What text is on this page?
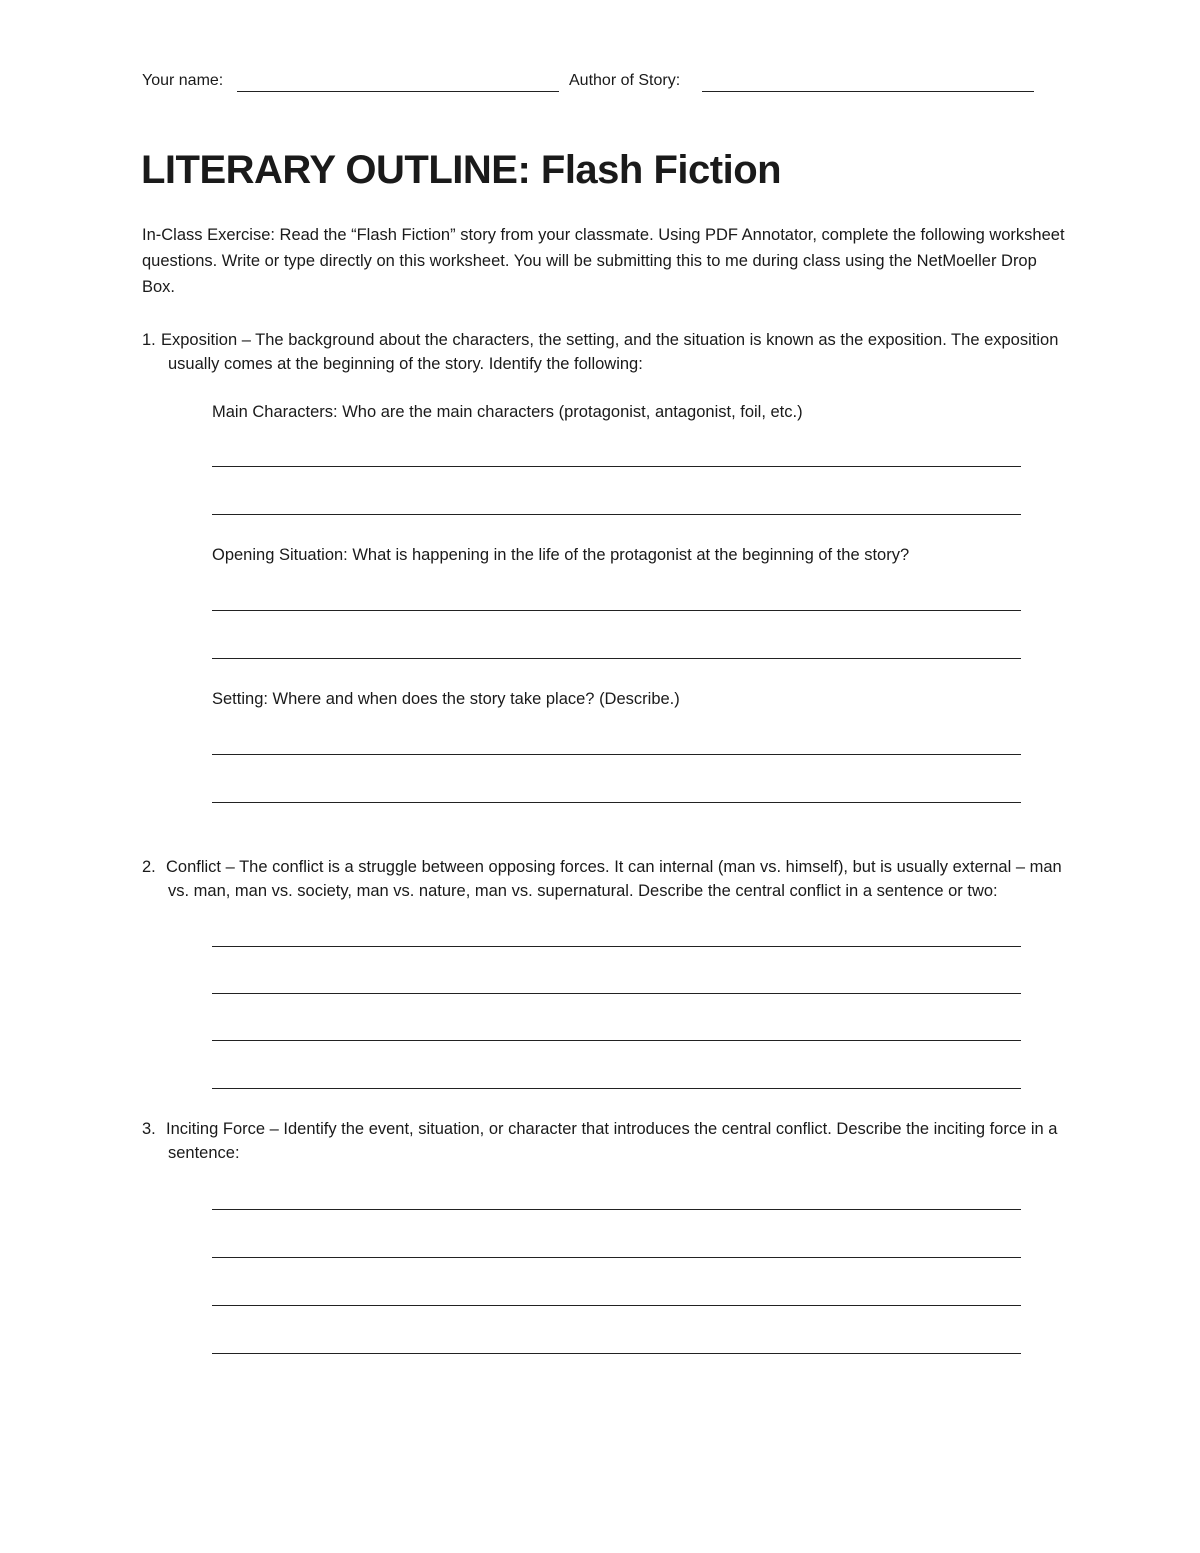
Your name:	Author of Story:
LITERARY OUTLINE: Flash Fiction
In-Class Exercise: Read the “Flash Fiction” story from your classmate. Using PDF Annotator, complete the following worksheet questions. Write or type directly on this worksheet. You will be submitting this to me during class using the NetMoeller Drop Box.
1. Exposition – The background about the characters, the setting, and the situation is known as the exposition. The exposition usually comes at the beginning of the story. Identify the following:
Main Characters: Who are the main characters (protagonist, antagonist, foil, etc.)
Opening Situation: What is happening in the life of the protagonist at the beginning of the story?
Setting: Where and when does the story take place? (Describe.)
2. Conflict – The conflict is a struggle between opposing forces. It can internal (man vs. himself), but is usually external – man vs. man, man vs. society, man vs. nature, man vs. supernatural. Describe the central conflict in a sentence or two:
3. Inciting Force – Identify the event, situation, or character that introduces the central conflict. Describe the inciting force in a sentence:
